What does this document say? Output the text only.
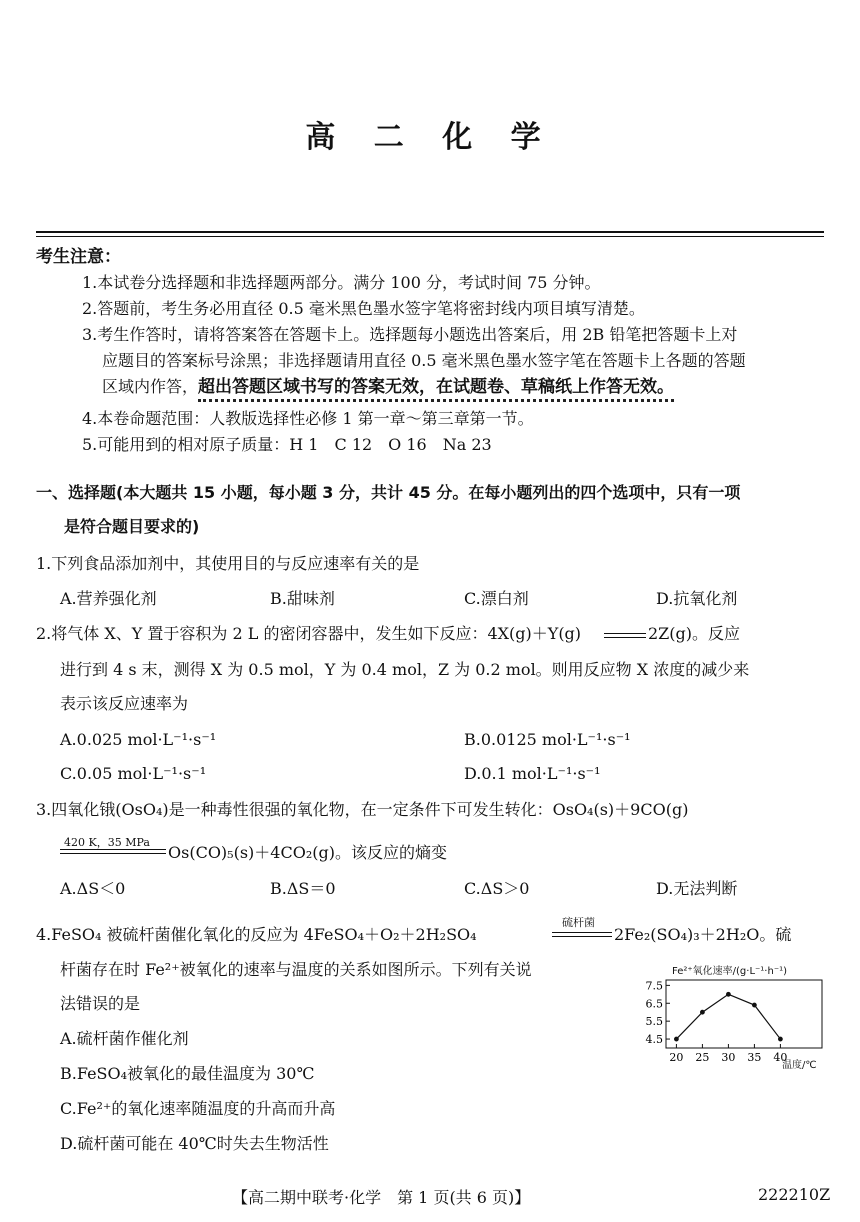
高 二 化 学
考生注意：
1.本试卷分选择题和非选择题两部分。满分 100 分，考试时间 75 分钟。
2.答题前，考生务必用直径 0.5 毫米黑色墨水签字笔将密封线内项目填写清楚。
3.考生作答时，请将答案答在答题卡上。选择题每小题选出答案后，用 2B 铅笔把答题卡上对
应题目的答案标号涂黑；非选择题请用直径 0.5 毫米黑色墨水签字笔在答题卡上各题的答题
区域内作答，超出答题区域书写的答案无效，在试题卷、草稿纸上作答无效。
4.本卷命题范围：人教版选择性必修 1 第一章～第三章第一节。
5.可能用到的相对原子质量：H 1　C 12　O 16　Na 23
一、选择题(本大题共 15 小题，每小题 3 分，共计 45 分。在每小题列出的四个选项中，只有一项
是符合题目要求的)
1.下列食品添加剂中，其使用目的与反应速率有关的是
A.营养强化剂	B.甜味剂	C.漂白剂	D.抗氧化剂
2.将气体 X、Y 置于容积为 2 L 的密闭容器中，发生如下反应：4X(g)＋Y(g)	2Z(g)。反应
进行到 4 s 末，测得 X 为 0.5 mol，Y 为 0.4 mol，Z 为 0.2 mol。则用反应物 X 浓度的减少来
表示该反应速率为
A.0.025 mol·L⁻¹·s⁻¹	B.0.0125 mol·L⁻¹·s⁻¹
C.0.05 mol·L⁻¹·s⁻¹	D.0.1 mol·L⁻¹·s⁻¹
3.四氧化锇(OsO₄)是一种毒性很强的氧化物，在一定条件下可发生转化：OsO₄(s)＋9CO(g)
420 K，35 MPa
Os(CO)₅(s)＋4CO₂(g)。该反应的熵变
A.ΔS＜0	B.ΔS＝0	C.ΔS＞0	D.无法判断
4.FeSO₄ 被硫杆菌催化氧化的反应为 4FeSO₄＋O₂＋2H₂SO₄
硫杆菌
2Fe₂(SO₄)₃＋2H₂O。硫
杆菌存在时 Fe²⁺被氧化的速率与温度的关系如图所示。下列有关说
法错误的是
A.硫杆菌作催化剂
B.FeSO₄被氧化的最佳温度为 30℃
C.Fe²⁺的氧化速率随温度的升高而升高
D.硫杆菌可能在 40℃时失去生物活性
Fe²⁺氧化速率/(g·L⁻¹·h⁻¹)
4.5
5.5
6.5
7.5
20 25 30 35 40
温度/℃
【高二期中联考·化学　第 1 页(共 6 页)】	222210Z
